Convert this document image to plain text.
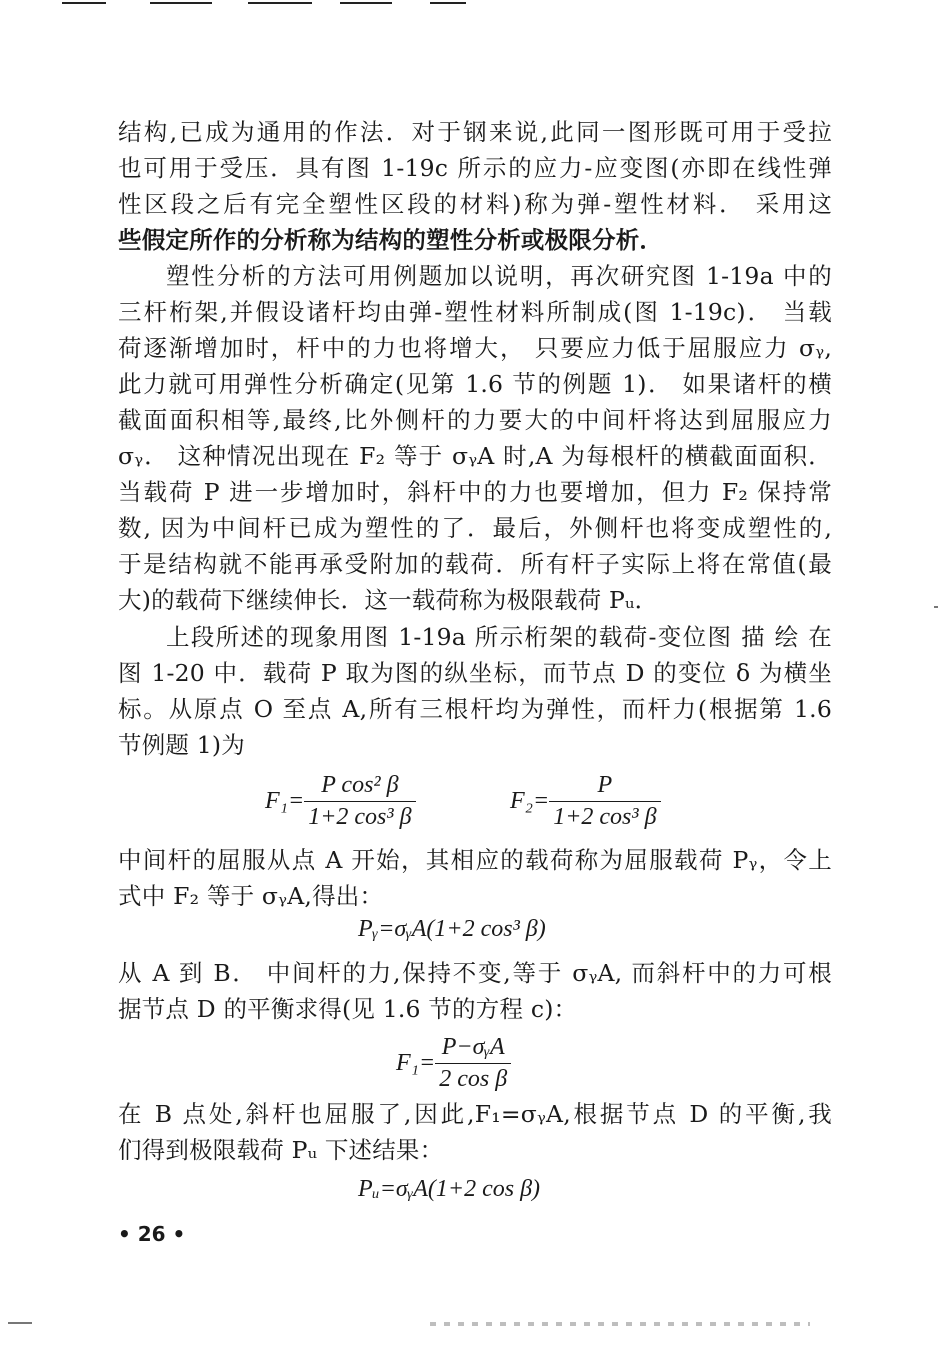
结构,已成为通用的作法．对于钢来说,此同一图形既可用于受拉
也可用于受压．具有图 1-19c 所示的应力-应变图(亦即在线性弹
性区段之后有完全塑性区段的材料)称为弹-塑性材料． 采用这
些假定所作的分析称为结构的塑性分析或极限分析．
塑性分析的方法可用例题加以说明，再次研究图 1-19a 中的
三杆桁架,并假设诸杆均由弹-塑性材料所制成(图 1-19c)． 当载
荷逐渐增加时，杆中的力也将增大， 只要应力低于屈服应力 σᵧ,
此力就可用弹性分析确定(见第 1.6 节的例题 1)． 如果诸杆的横
截面面积相等,最终,比外侧杆的力要大的中间杆将达到屈服应力
σᵧ． 这种情况出现在 F₂ 等于 σᵧA 时,A 为每根杆的横截面面积．
当载荷 P 进一步增加时，斜杆中的力也要增加，但力 F₂ 保持常
数, 因为中间杆已成为塑性的了．最后，外侧杆也将变成塑性的,
于是结构就不能再承受附加的载荷．所有杆子实际上将在常值(最
大)的载荷下继续伸长．这一载荷称为极限载荷 Pᵤ．
上段所述的现象用图 1-19a 所示桁架的载荷-变位图 描 绘 在
图 1-20 中．载荷 P 取为图的纵坐标，而节点 D 的变位 δ 为横坐
标。从原点 O 至点 A,所有三根杆均为弹性，而杆力(根据第 1.6
节例题 1)为
$F_1= \frac{\text{P cos² β}}{\text{1+2 cos³ β}}$	$F_2= \frac{P}{\text{1+2 cos³ β}}$
中间杆的屈服从点 A 开始，其相应的载荷称为屈服载荷 Pᵧ，令上
式中 F₂ 等于 σᵧA,得出：
Pᵧ=σᵧA(1+2 cos³ β)
从 A 到 B． 中间杆的力,保持不变,等于 σᵧA, 而斜杆中的力可根
据节点 D 的平衡求得(见 1.6 节的方程 c)：
$F_1= \frac{\text{P−σᵧA}}{\text{2 cos β}}$
在 B 点处,斜杆也屈服了,因此,F₁=σᵧA,根据节点 D 的平衡,我
们得到极限载荷 Pᵤ 下述结果：
Pᵤ=σᵧA(1+2 cos β)
• 26 •
